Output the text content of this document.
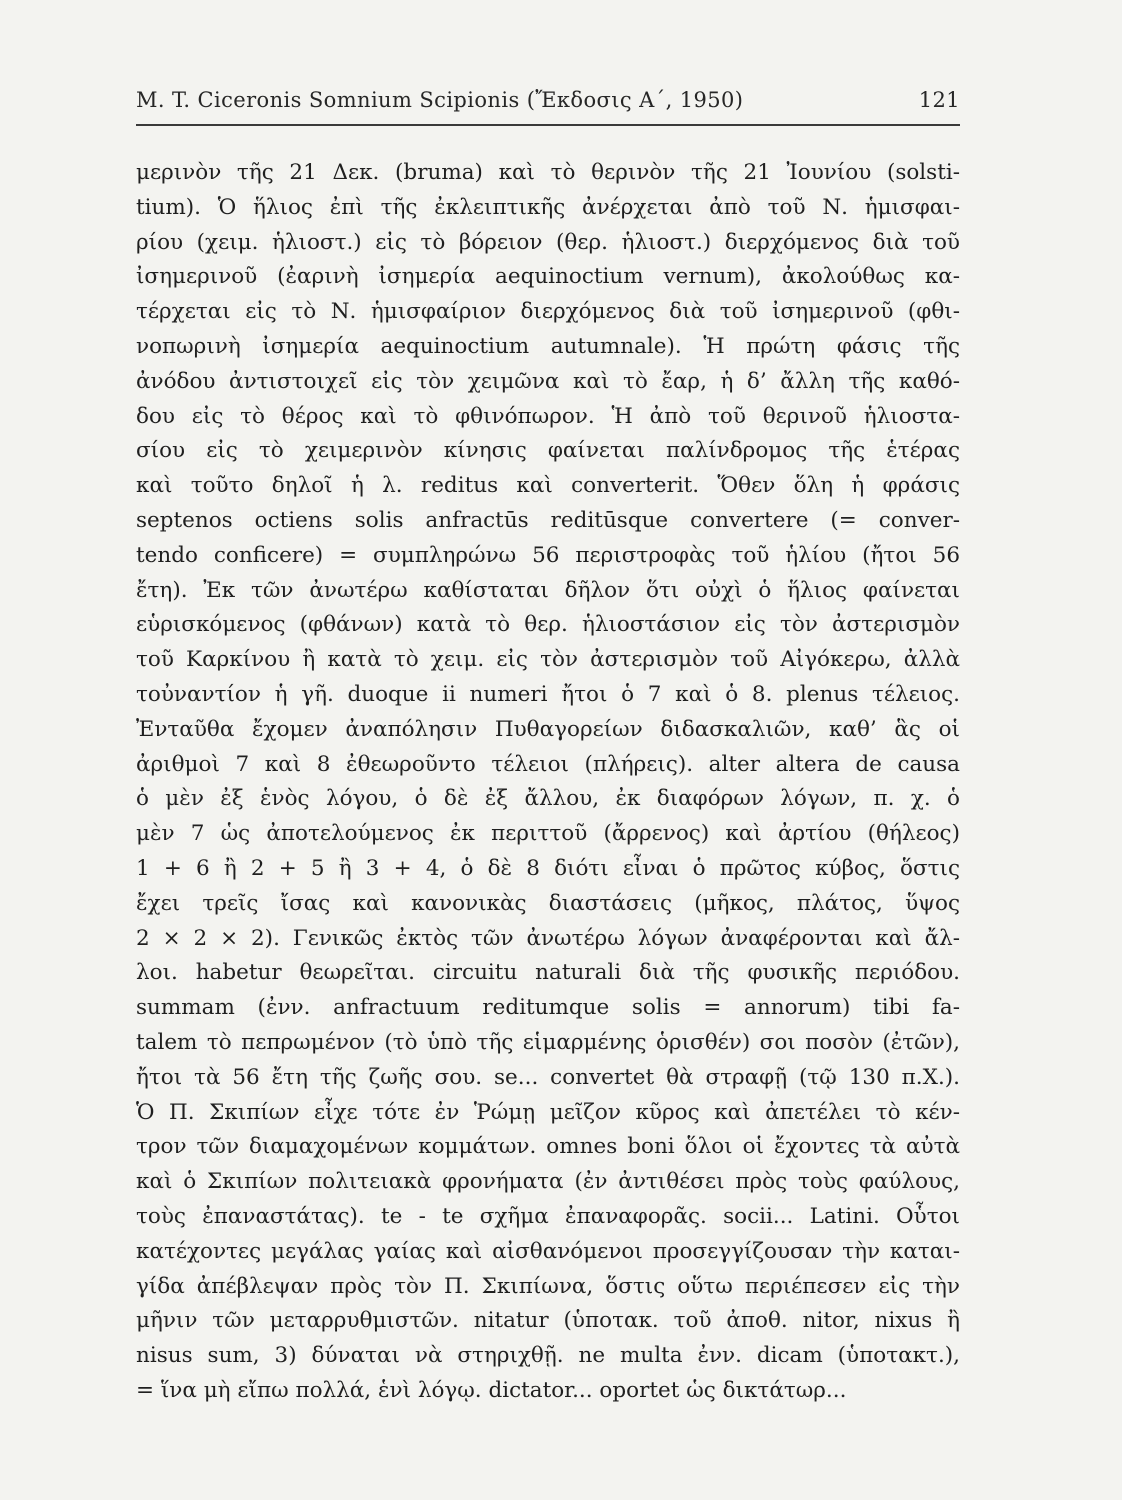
M. T. Ciceronis Somnium Scipionis (Ἔκδοσις Α΄, 1950)	121
μερινὸν τῆς 21 Δεκ. (bruma) καὶ τὸ θερινὸν τῆς 21 Ἰουνίου (solsti-
tium). Ὁ ἥλιος ἐπὶ τῆς ἐκλειπτικῆς ἀνέρχεται ἀπὸ τοῦ Ν. ἡμισφαι-
ρίου (χειμ. ἡλιοστ.) εἰς τὸ βόρειον (θερ. ἡλιοστ.) διερχόμενος διὰ τοῦ
ἰσημερινοῦ (ἐαρινὴ ἰσημερία aequinoctium vernum), ἀκολούθως κα-
τέρχεται εἰς τὸ Ν. ἡμισφαίριον διερχόμενος διὰ τοῦ ἰσημερινοῦ (φθι-
νοπωρινὴ ἰσημερία aequinoctium autumnale). Ἡ πρώτη φάσις τῆς
ἀνόδου ἀντιστοιχεῖ εἰς τὸν χειμῶνα καὶ τὸ ἔαρ, ἡ δ’ ἄλλη τῆς καθό-
δου εἰς τὸ θέρος καὶ τὸ φθινόπωρον. Ἡ ἀπὸ τοῦ θερινοῦ ἡλιοστα-
σίου εἰς τὸ χειμερινὸν κίνησις φαίνεται παλίνδρομος τῆς ἑτέρας
καὶ τοῦτο δηλοῖ ἡ λ. reditus καὶ converterit. Ὅθεν ὅλη ἡ φράσις
septenos octiens solis anfractūs reditūsque convertere (= conver-
tendo conficere) = συμπληρώνω 56 περιστροφὰς τοῦ ἡλίου (ἤτοι 56
ἔτη). Ἐκ τῶν ἀνωτέρω καθίσταται δῆλον ὅτι οὐχὶ ὁ ἥλιος φαίνεται
εὑρισκόμενος (φθάνων) κατὰ τὸ θερ. ἡλιοστάσιον εἰς τὸν ἀστερισμὸν
τοῦ Καρκίνου ἢ κατὰ τὸ χειμ. εἰς τὸν ἀστερισμὸν τοῦ Αἰγόκερω, ἀλλὰ
τοὐναντίον ἡ γῆ. duoque ii numeri ἤτοι ὁ 7 καὶ ὁ 8. plenus τέλειος.
Ἐνταῦθα ἔχομεν ἀναπόλησιν Πυθαγορείων διδασκαλιῶν, καθ’ ἃς οἱ
ἀριθμοὶ 7 καὶ 8 ἐθεωροῦντο τέλειοι (πλήρεις). alter altera de causa
ὁ μὲν ἐξ ἑνὸς λόγου, ὁ δὲ ἐξ ἄλλου, ἐκ διαφόρων λόγων, π. χ. ὁ
μὲν 7 ὡς ἀποτελούμενος ἐκ περιττοῦ (ἄρρενος) καὶ ἀρτίου (θήλεος)
1 + 6 ἢ 2 + 5 ἢ 3 + 4, ὁ δὲ 8 διότι εἶναι ὁ πρῶτος κύβος, ὅστις
ἔχει τρεῖς ἴσας καὶ κανονικὰς διαστάσεις (μῆκος, πλάτος, ὕψος
2 × 2 × 2). Γενικῶς ἐκτὸς τῶν ἀνωτέρω λόγων ἀναφέρονται καὶ ἄλ-
λοι. habetur θεωρεῖται. circuitu naturali διὰ τῆς φυσικῆς περιόδου.
summam (ἐνν. anfractuum reditumque solis = annorum) tibi fa-
talem τὸ πεπρωμένον (τὸ ὑπὸ τῆς εἱμαρμένης ὁρισθέν) σοι ποσὸν (ἐτῶν),
ἤτοι τὰ 56 ἔτη τῆς ζωῆς σου. se... convertet θὰ στραφῇ (τῷ 130 π.Χ.).
Ὁ Π. Σκιπίων εἶχε τότε ἐν Ῥώμῃ μεῖζον κῦρος καὶ ἀπετέλει τὸ κέν-
τρον τῶν διαμαχομένων κομμάτων. omnes boni ὅλοι οἱ ἔχοντες τὰ αὐτὰ
καὶ ὁ Σκιπίων πολιτειακὰ φρονήματα (ἐν ἀντιθέσει πρὸς τοὺς φαύλους,
τοὺς ἐπαναστάτας). te - te σχῆμα ἐπαναφορᾶς. socii... Latini. Οὗτοι
κατέχοντες μεγάλας γαίας καὶ αἰσθανόμενοι προσεγγίζουσαν τὴν καται-
γίδα ἀπέβλεψαν πρὸς τὸν Π. Σκιπίωνα, ὅστις οὕτω περιέπεσεν εἰς τὴν
μῆνιν τῶν μεταρρυθμιστῶν. nitatur (ὑποτακ. τοῦ ἀποθ. nitor, nixus ἢ
nisus sum, 3) δύναται νὰ στηριχθῇ. ne multa ἐνν. dicam (ὑποτακτ.),
= ἵνα μὴ εἴπω πολλά, ἑνὶ λόγῳ. dictator... oportet ὡς δικτάτωρ...
